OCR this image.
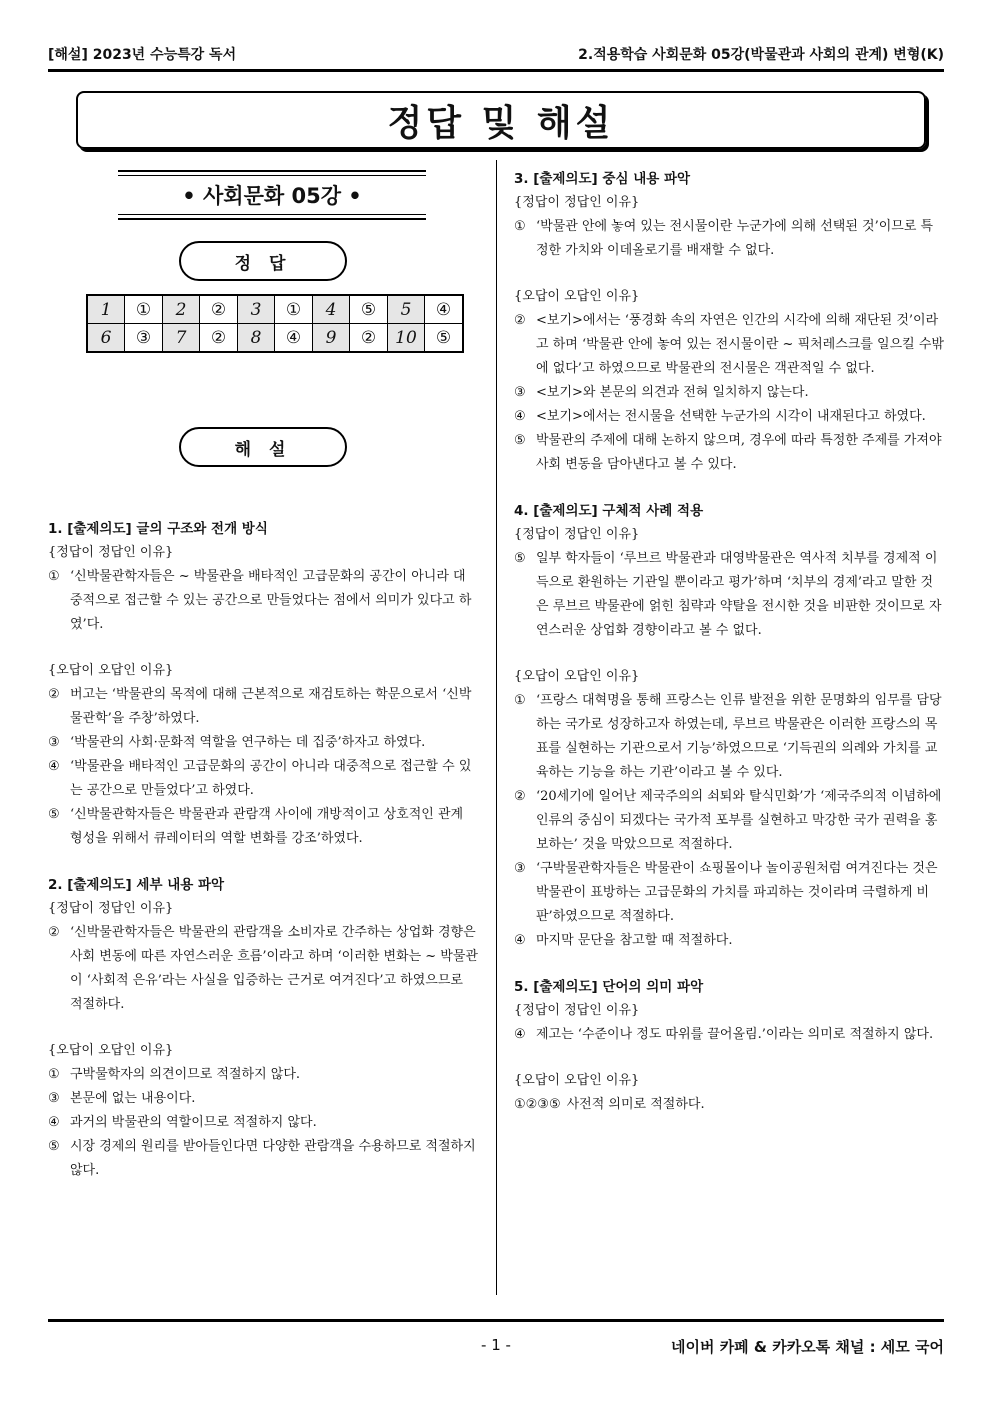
[해설] 2023년 수능특강 독서	2.적용학습 사회문화 05강(박물관과 사회의 관계) 변형(K)
정답 및 해설
• 사회문화 05강 •
정 답
1	①	2	②	3	①	4	⑤	5	④
6	③	7	②	8	④	9	②	10	⑤
해 설
1. [출제의도] 글의 구조와 전개 방식
{정답이 정답인 이유}
① ‘신박물관학자들은 ~ 박물관을 배타적인 고급문화의 공간이 아니라 대중적으로 접근할 수 있는 공간으로 만들었다는 점에서 의미가 있다고 하였’다.
{오답이 오답인 이유}
② 버고는 ‘박물관의 목적에 대해 근본적으로 재검토하는 학문으로서 ‘신박물관학’을 주창’하였다.
③ ‘박물관의 사회·문화적 역할을 연구하는 데 집중’하자고 하였다.
④ ‘박물관을 배타적인 고급문화의 공간이 아니라 대중적으로 접근할 수 있는 공간으로 만들었다’고 하였다.
⑤ ‘신박물관학자들은 박물관과 관람객 사이에 개방적이고 상호적인 관계 형성을 위해서 큐레이터의 역할 변화를 강조’하였다.
2. [출제의도] 세부 내용 파악
{정답이 정답인 이유}
② ‘신박물관학자들은 박물관의 관람객을 소비자로 간주하는 상업화 경향은 사회 변동에 따른 자연스러운 흐름’이라고 하며 ‘이러한 변화는 ~ 박물관이 ‘사회적 은유’라는 사실을 입증하는 근거로 여겨진다’고 하였으므로 적절하다.
{오답이 오답인 이유}
① 구박물학자의 의견이므로 적절하지 않다.
③ 본문에 없는 내용이다.
④ 과거의 박물관의 역할이므로 적절하지 않다.
⑤ 시장 경제의 원리를 받아들인다면 다양한 관람객을 수용하므로 적절하지 않다.
3. [출제의도] 중심 내용 파악
{정답이 정답인 이유}
① ‘박물관 안에 놓여 있는 전시물이란 누군가에 의해 선택된 것’이므로 특정한 가치와 이데올로기를 배재할 수 없다.
{오답이 오답인 이유}
② <보기>에서는 ‘풍경화 속의 자연은 인간의 시각에 의해 재단된 것’이라고 하며 ‘박물관 안에 놓여 있는 전시물이란 ~ 픽처레스크를 일으킬 수밖에 없다’고 하였으므로 박물관의 전시물은 객관적일 수 없다.
③ <보기>와 본문의 의견과 전혀 일치하지 않는다.
④ <보기>에서는 전시물을 선택한 누군가의 시각이 내재된다고 하였다.
⑤ 박물관의 주제에 대해 논하지 않으며, 경우에 따라 특정한 주제를 가져야 사회 변동을 담아낸다고 볼 수 있다.
4. [출제의도] 구체적 사례 적용
{정답이 정답인 이유}
⑤ 일부 학자들이 ‘루브르 박물관과 대영박물관은 역사적 치부를 경제적 이득으로 환원하는 기관일 뿐이라고 평가’하며 ‘치부의 경제’라고 말한 것은 루브르 박물관에 얽힌 침략과 약탈을 전시한 것을 비판한 것이므로 자연스러운 상업화 경향이라고 볼 수 없다.
{오답이 오답인 이유}
① ‘프랑스 대혁명을 통해 프랑스는 인류 발전을 위한 문명화의 임무를 담당하는 국가로 성장하고자 하였는데, 루브르 박물관은 이러한 프랑스의 목표를 실현하는 기관으로서 기능’하였으므로 ‘기득권의 의례와 가치를 교육하는 기능을 하는 기관’이라고 볼 수 있다.
② ‘20세기에 일어난 제국주의의 쇠퇴와 탈식민화’가 ‘제국주의적 이념하에 인류의 중심이 되겠다는 국가적 포부를 실현하고 막강한 국가 권력을 홍보하는’ 것을 막았으므로 적절하다.
③ ‘구박물관학자들은 박물관이 쇼핑몰이나 놀이공원처럼 여겨진다는 것은 박물관이 표방하는 고급문화의 가치를 파괴하는 것이라며 극렬하게 비판’하였으므로 적절하다.
④ 마지막 문단을 참고할 때 적절하다.
5. [출제의도] 단어의 의미 파악
{정답이 정답인 이유}
④ 제고는 ‘수준이나 정도 따위를 끌어올림.’이라는 의미로 적절하지 않다.
{오답이 오답인 이유}
①②③⑤ 사전적 의미로 적절하다.
- 1 -	네이버 카페 & 카카오톡 채널 : 세모 국어
